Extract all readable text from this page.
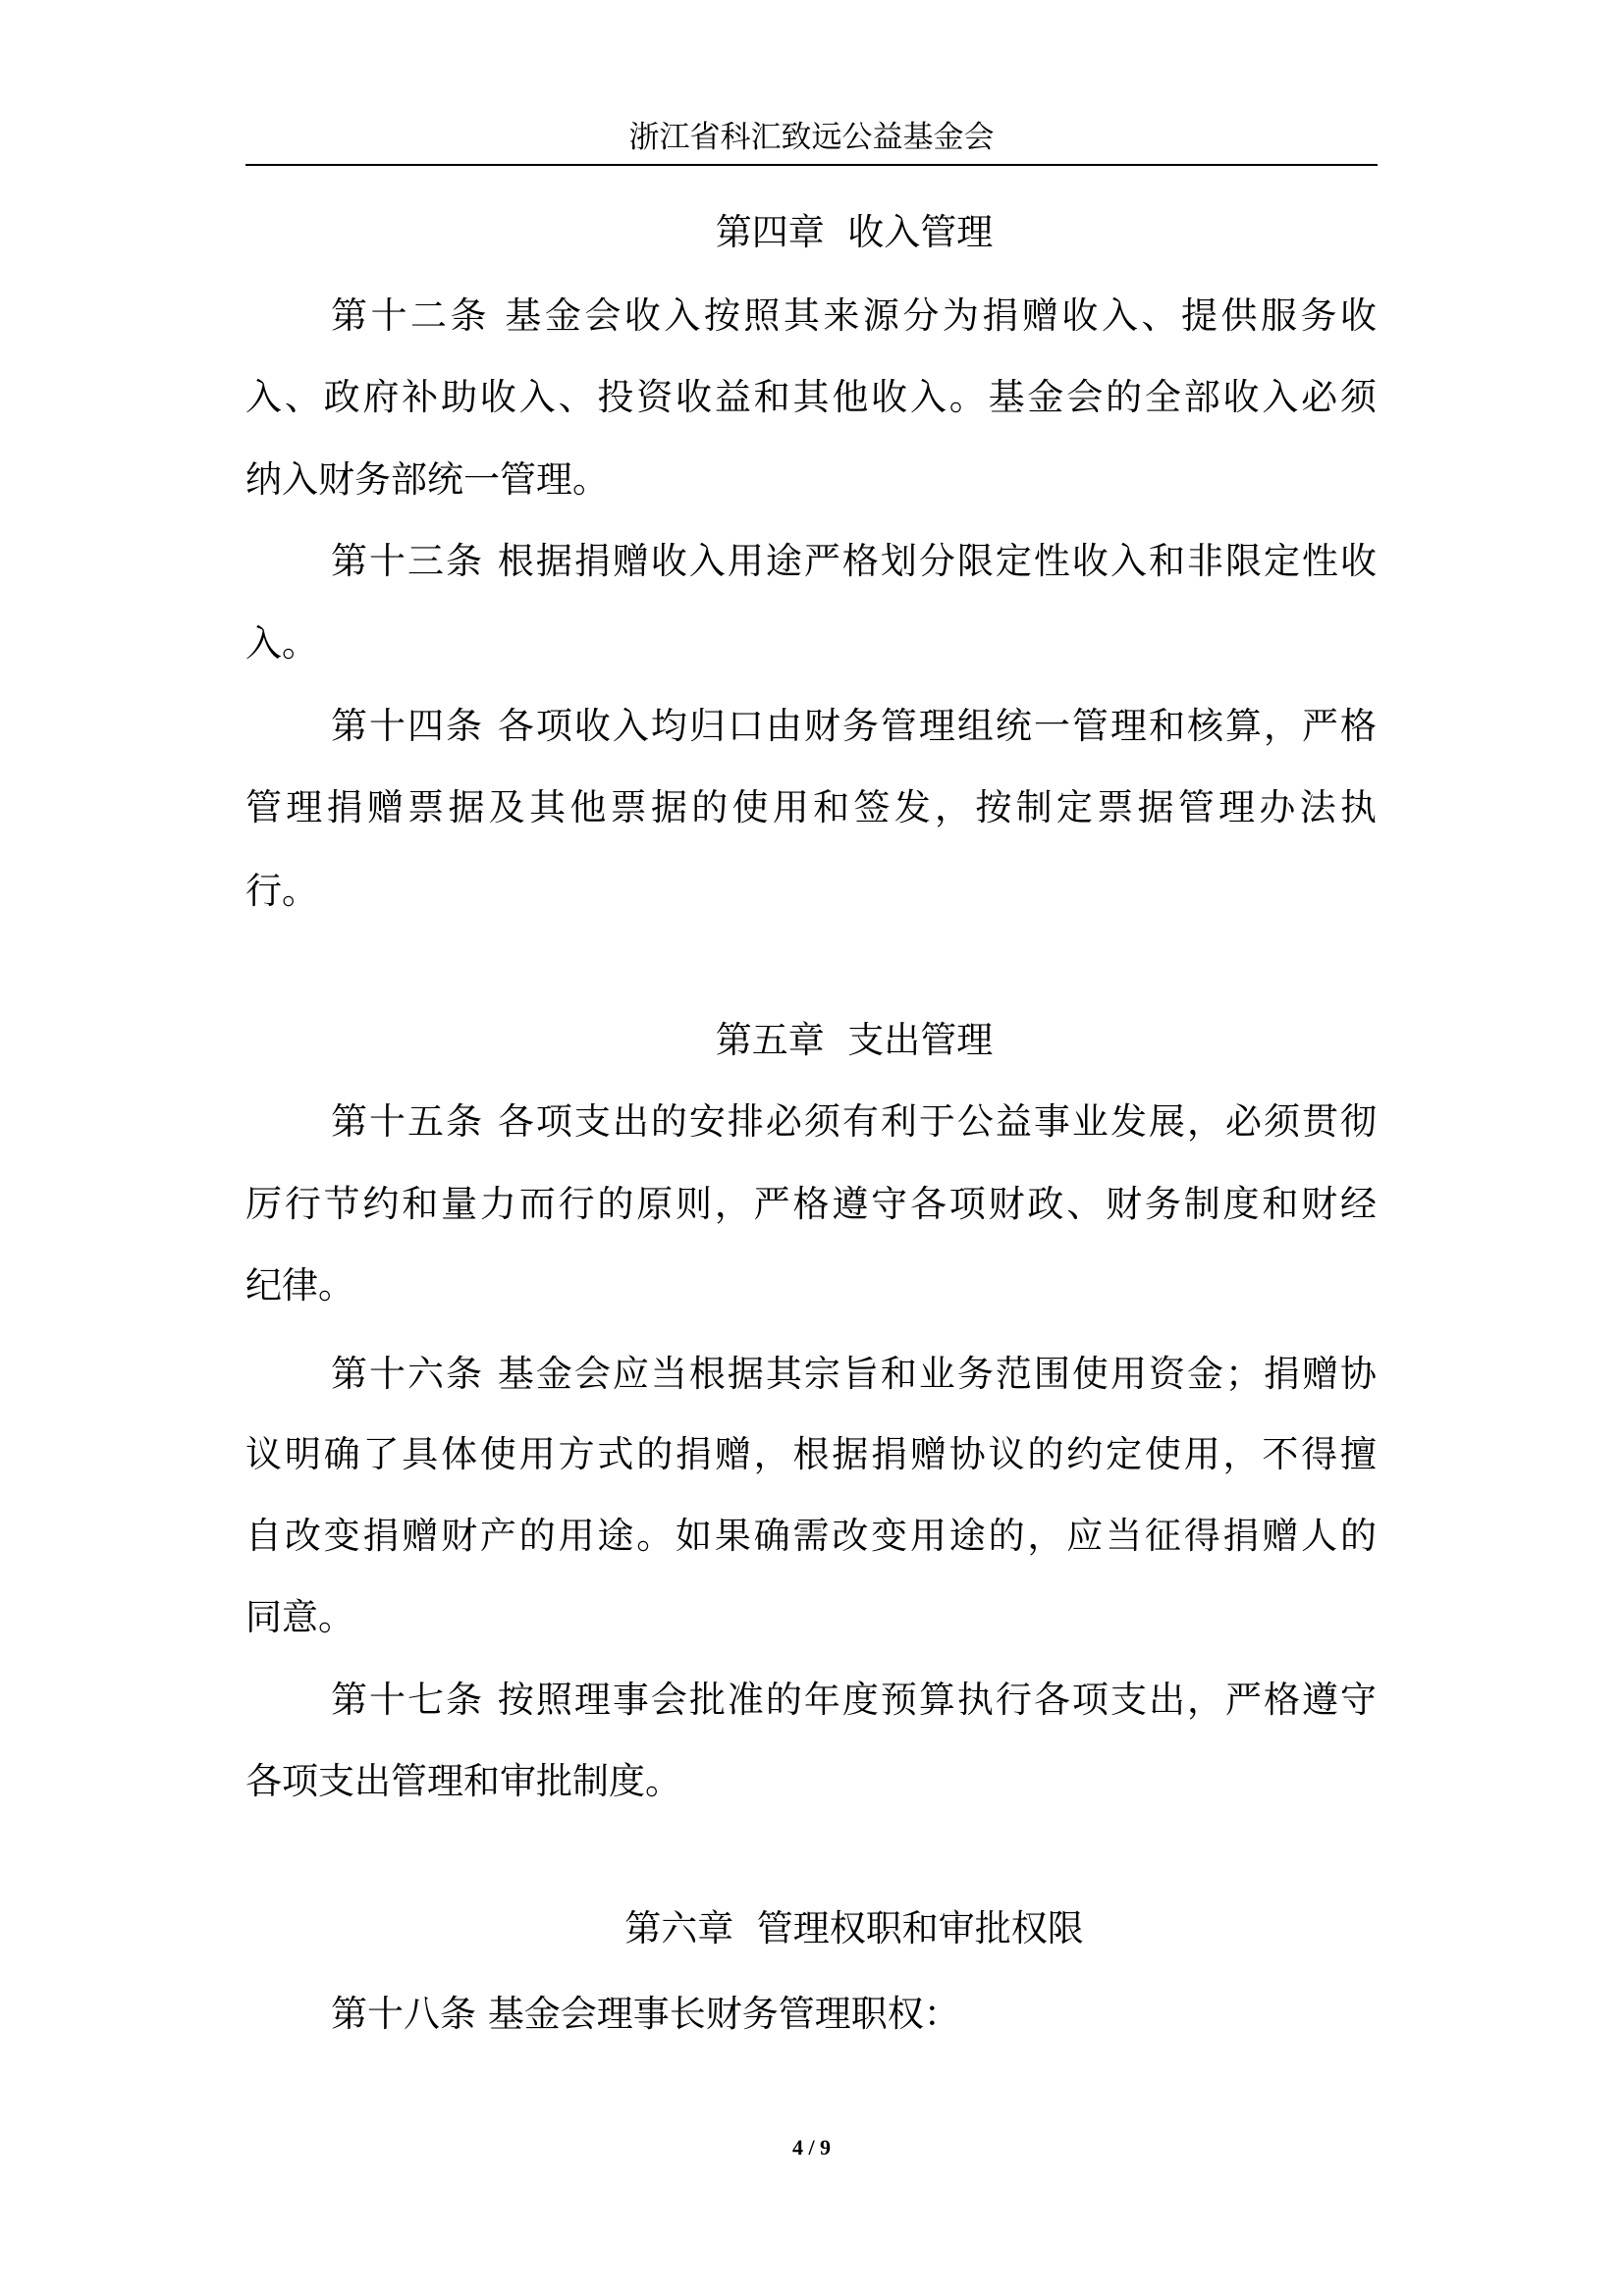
浙江省科汇致远公益基金会
第四章  收入管理
第十二条 基金会收入按照其来源分为捐赠收入、提供服务收
入、政府补助收入、投资收益和其他收入。基金会的全部收入必须
纳入财务部统一管理。
第十三条 根据捐赠收入用途严格划分限定性收入和非限定性收
入。
第十四条 各项收入均归口由财务管理组统一管理和核算，严格
管理捐赠票据及其他票据的使用和签发，按制定票据管理办法执
行。
第五章  支出管理
第十五条 各项支出的安排必须有利于公益事业发展，必须贯彻
厉行节约和量力而行的原则，严格遵守各项财政、财务制度和财经
纪律。
第十六条 基金会应当根据其宗旨和业务范围使用资金；捐赠协
议明确了具体使用方式的捐赠，根据捐赠协议的约定使用，不得擅
自改变捐赠财产的用途。如果确需改变用途的，应当征得捐赠人的
同意。
第十七条 按照理事会批准的年度预算执行各项支出，严格遵守
各项支出管理和审批制度。
第六章  管理权职和审批权限
第十八条 基金会理事长财务管理职权：
4 / 9
